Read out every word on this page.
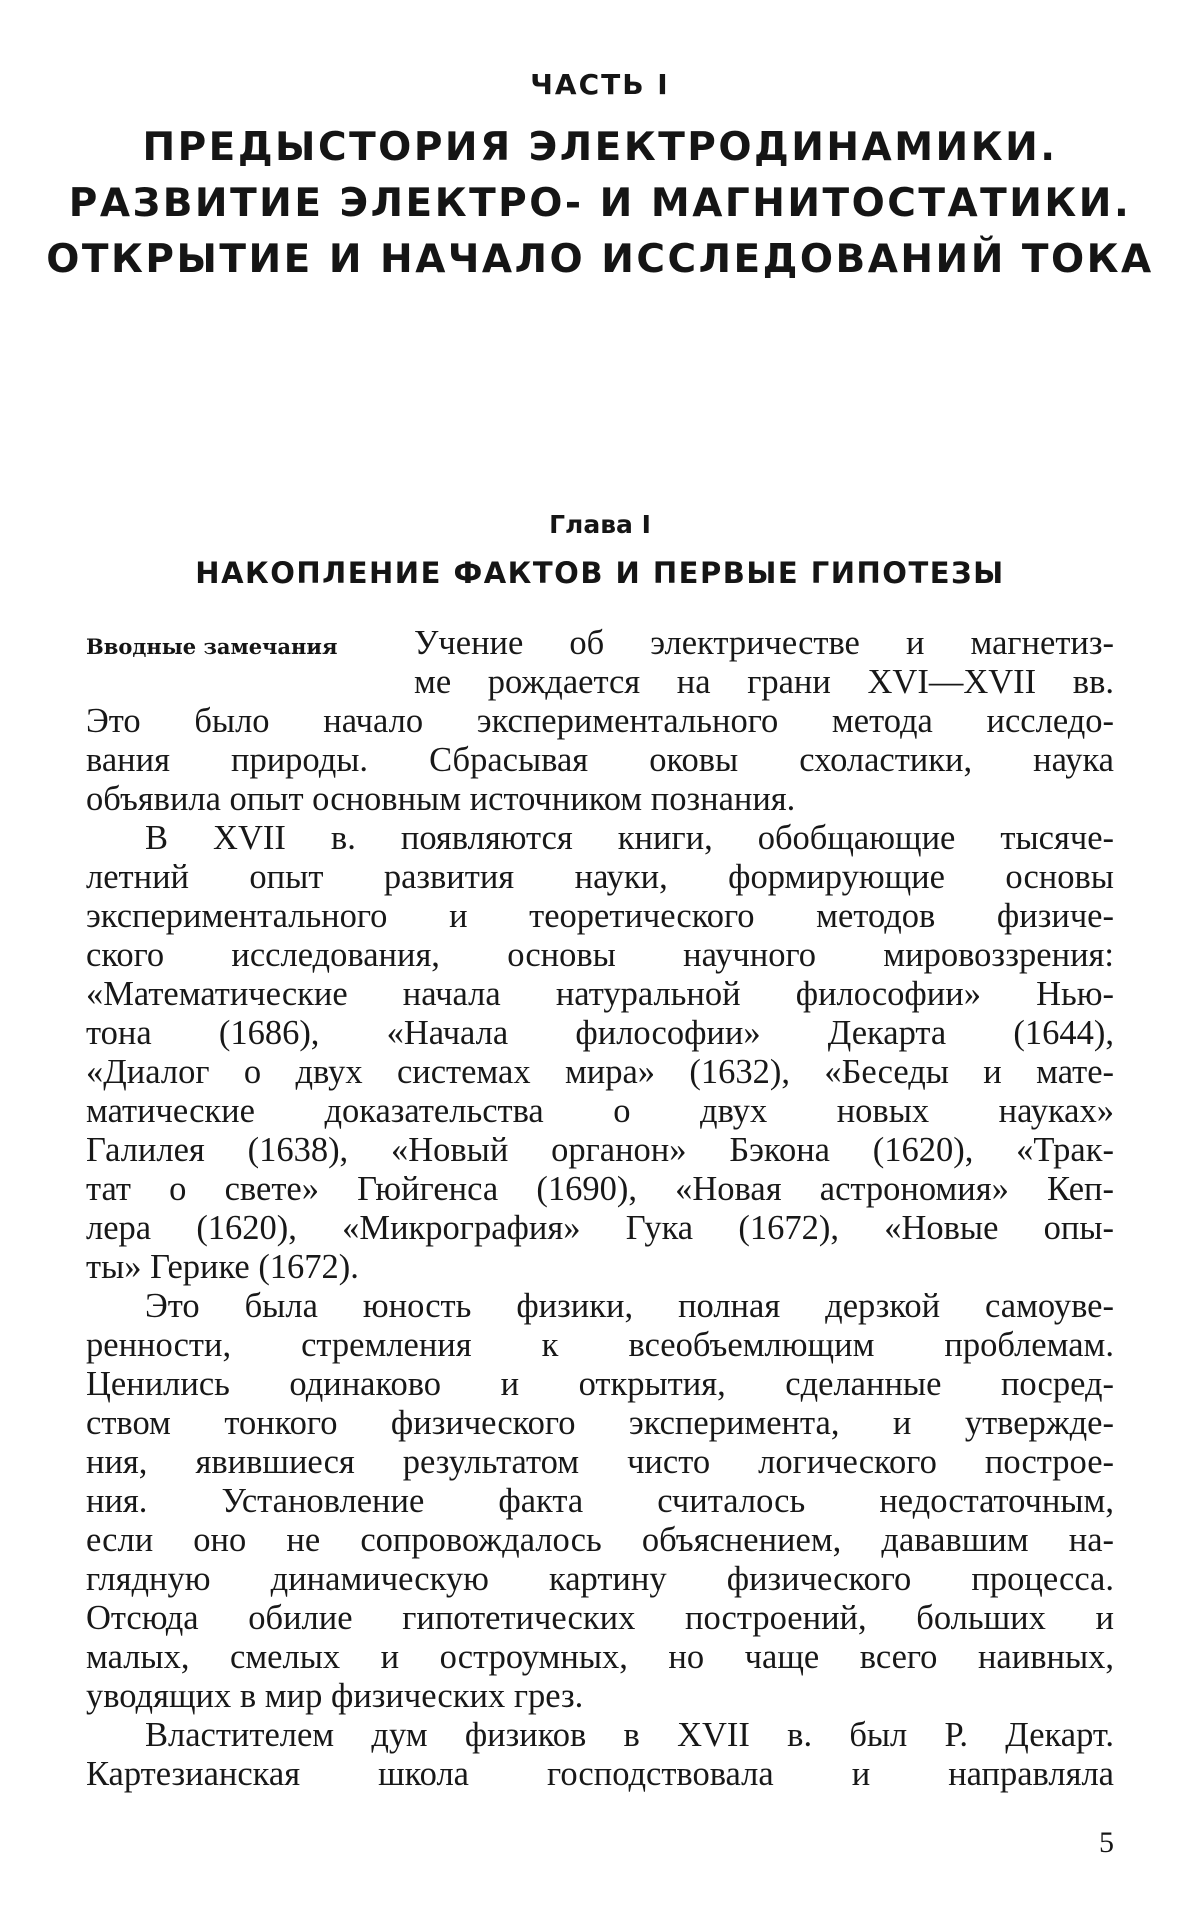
ЧАСТЬ I
ПРЕДЫСТОРИЯ ЭЛЕКТРОДИНАМИКИ.
РАЗВИТИЕ ЭЛЕКТРО- И МАГНИТОСТАТИКИ.
ОТКРЫТИЕ И НАЧАЛО ИССЛЕДОВАНИЙ ТОКА
Глава I
НАКОПЛЕНИЕ ФАКТОВ И ПЕРВЫЕ ГИПОТЕЗЫ
Вводные замечания Учение об электричестве и магнетиз-
ме рождается на грани XVI—XVII вв.
Это было начало экспериментального метода исследо-
вания природы. Сбрасывая оковы схоластики, наука
объявила опыт основным источником познания.
В XVII в. появляются книги, обобщающие тысяче-
летний опыт развития науки, формирующие основы
экспериментального и теоретического методов физиче-
ского исследования, основы научного мировоззрения:
«Математические начала натуральной философии» Нью-
тона (1686), «Начала философии» Декарта (1644),
«Диалог о двух системах мира» (1632), «Беседы и мате-
матические доказательства о двух новых науках»
Галилея (1638), «Новый органон» Бэкона (1620), «Трак-
тат о свете» Гюйгенса (1690), «Новая астрономия» Кеп-
лера (1620), «Микрография» Гука (1672), «Новые опы-
ты» Герике (1672).
Это была юность физики, полная дерзкой самоуве-
ренности, стремления к всеобъемлющим проблемам.
Ценились одинаково и открытия, сделанные посред-
ством тонкого физического эксперимента, и утвержде-
ния, явившиеся результатом чисто логического построе-
ния. Установление факта считалось недостаточным,
если оно не сопровождалось объяснением, дававшим на-
глядную динамическую картину физического процесса.
Отсюда обилие гипотетических построений, больших и
малых, смелых и остроумных, но чаще всего наивных,
уводящих в мир физических грез.
Властителем дум физиков в XVII в. был Р. Декарт.
Картезианская школа господствовала и направляла
5
